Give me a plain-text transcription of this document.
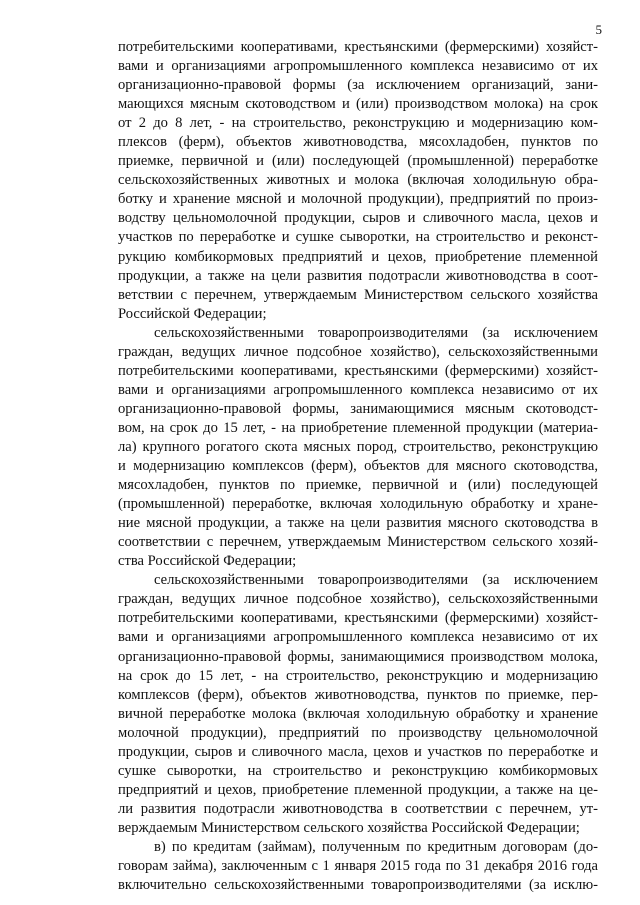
5
потребительскими кооперативами, крестьянскими (фермерскими) хозяйст-
вами и организациями агропромышленного комплекса независимо от их
организационно-правовой формы (за исключением организаций, зани-
мающихся мясным скотоводством и (или) производством молока) на срок
от 2 до 8 лет, - на строительство, реконструкцию и модернизацию ком-
плексов (ферм), объектов животноводства, мясохладобен, пунктов по
приемке, первичной и (или) последующей (промышленной) переработке
сельскохозяйственных животных и молока (включая холодильную обра-
ботку и хранение мясной и молочной продукции), предприятий по произ-
водству цельномолочной продукции, сыров и сливочного масла, цехов и
участков по переработке и сушке сыворотки, на строительство и реконст-
рукцию комбикормовых предприятий и цехов, приобретение племенной
продукции, а также на цели развития подотрасли животноводства в соот-
ветствии с перечнем, утверждаемым Министерством сельского хозяйства
Российской Федерации;
сельскохозяйственными товаропроизводителями (за исключением
граждан, ведущих личное подсобное хозяйство), сельскохозяйственными
потребительскими кооперативами, крестьянскими (фермерскими) хозяйст-
вами и организациями агропромышленного комплекса независимо от их
организационно-правовой формы, занимающимися мясным скотоводст-
вом, на срок до 15 лет, - на приобретение племенной продукции (материа-
ла) крупного рогатого скота мясных пород, строительство, реконструкцию
и модернизацию комплексов (ферм), объектов для мясного скотоводства,
мясохладобен, пунктов по приемке, первичной и (или) последующей
(промышленной) переработке, включая холодильную обработку и хране-
ние мясной продукции, а также на цели развития мясного скотоводства в
соответствии с перечнем, утверждаемым Министерством сельского хозяй-
ства Российской Федерации;
сельскохозяйственными товаропроизводителями (за исключением
граждан, ведущих личное подсобное хозяйство), сельскохозяйственными
потребительскими кооперативами, крестьянскими (фермерскими) хозяйст-
вами и организациями агропромышленного комплекса независимо от их
организационно-правовой формы, занимающимися производством молока,
на срок до 15 лет, - на строительство, реконструкцию и модернизацию
комплексов (ферм), объектов животноводства, пунктов по приемке, пер-
вичной переработке молока (включая холодильную обработку и хранение
молочной продукции), предприятий по производству цельномолочной
продукции, сыров и сливочного масла, цехов и участков по переработке и
сушке сыворотки, на строительство и реконструкцию комбикормовых
предприятий и цехов, приобретение племенной продукции, а также на це-
ли развития подотрасли животноводства в соответствии с перечнем, ут-
верждаемым Министерством сельского хозяйства Российской Федерации;
в) по кредитам (займам), полученным по кредитным договорам (до-
говорам займа), заключенным с 1 января 2015 года по 31 декабря 2016 года
включительно сельскохозяйственными товаропроизводителями (за исклю-
